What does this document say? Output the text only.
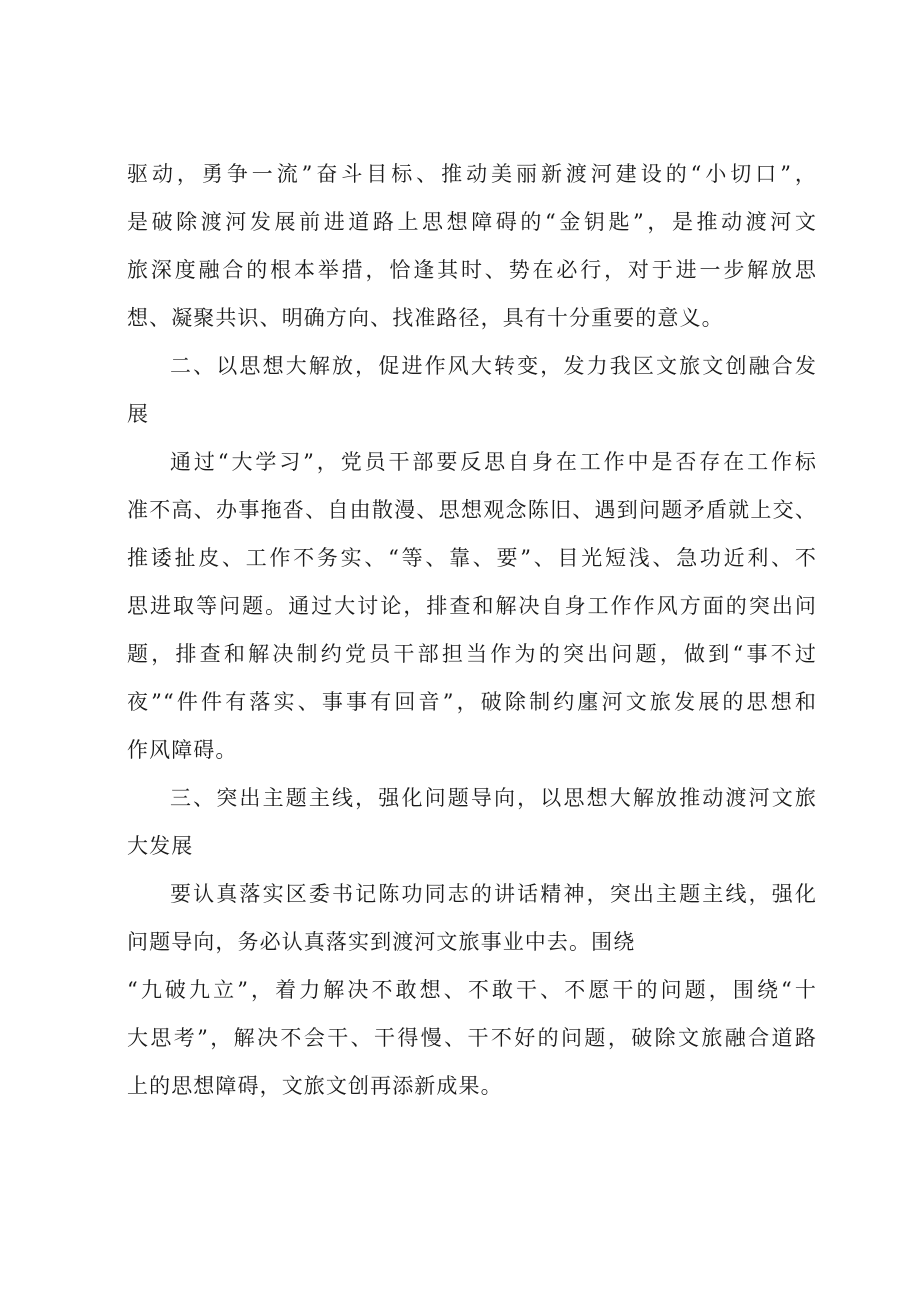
驱动，勇争一流”奋斗目标、推动美丽新渡河建设的“小切口”，
是破除渡河发展前进道路上思想障碍的“金钥匙”，是推动渡河文
旅深度融合的根本举措，恰逢其时、势在必行，对于进一步解放思
想、凝聚共识、明确方向、找准路径，具有十分重要的意义。
二、以思想大解放，促进作风大转变，发力我区文旅文创融合发
展
通过“大学习”，党员干部要反思自身在工作中是否存在工作标
准不高、办事拖沓、自由散漫、思想观念陈旧、遇到问题矛盾就上交、
推诿扯皮、工作不务实、“等、靠、要”、目光短浅、急功近利、不
思进取等问题。通过大讨论，排查和解决自身工作作风方面的突出问
题，排查和解决制约党员干部担当作为的突出问题，做到“事不过
夜”“件件有落实、事事有回音”，破除制约廛河文旅发展的思想和
作风障碍。
三、突出主题主线，强化问题导向，以思想大解放推动渡河文旅
大发展
要认真落实区委书记陈功同志的讲话精神，突出主题主线，强化
问题导向，务必认真落实到渡河文旅事业中去。围绕
“九破九立”，着力解决不敢想、不敢干、不愿干的问题，围绕“十
大思考”，解决不会干、干得慢、干不好的问题，破除文旅融合道路
上的思想障碍，文旅文创再添新成果。
